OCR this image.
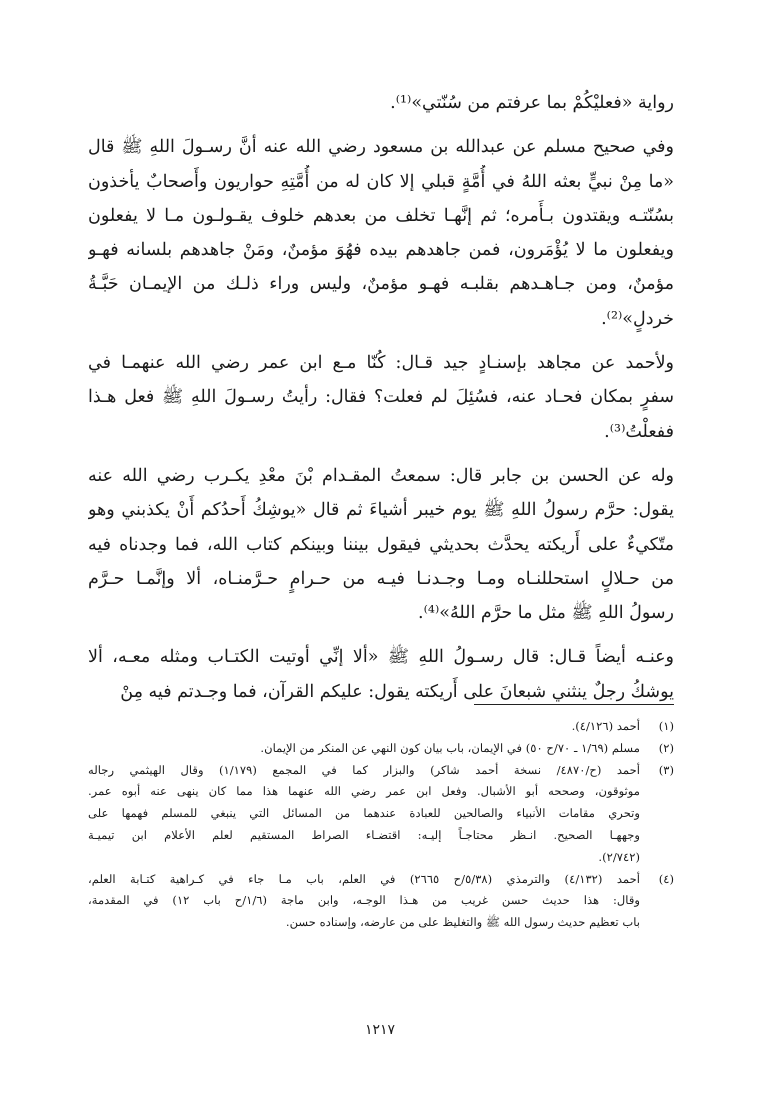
رواية «فعليْكُمْ بما عرفتم من سُنّتي»⁽¹⁾.

وفي صحيح مسلم عن عبدالله بن مسعود رضي الله عنه أنَّ رسـولَ اللهِ ﷺ قال
«ما مِنْ نبيٍّ بعثه اللهُ في أُمَّةٍ قبلي إلا كان له من أُمَّتِهِ حواريون وأَصحابٌ يأخذون
بسُنّتـه ويقتدون بـأَمره؛ ثم إنَّهـا تخلف من بعدهم خلوف يقـولـون مـا لا يفعلون
ويفعلون ما لا يُؤْمَرون، فمن جاهدهم بيده فهُوَ مؤمنٌ، ومَنْ جاهدهم بلسانه فهـو
مؤمنٌ، ومن جـاهـدهم بقلبـه فهـو مؤمنٌ، وليس وراء ذلـك من الإيمـان حَبَّـةُ
خردلٍ»⁽²⁾.

ولأحمد عن مجاهد بإسنـادٍ جيد قـال: كُنّا مـع ابن عمر رضي الله عنهمـا في
سفرٍ بمكان فحـاد عنه، فسُئِلَ لم فعلت؟ فقال: رأيتُ رسـولَ اللهِ ﷺ فعل هـذا
ففعلْتُ⁽³⁾.

وله عن الحسن بن جابر قال: سمعتُ المقـدام بْنَ معْدِ يكـرب رضي الله عنه
يقول: حرَّم رسولُ اللهِ ﷺ يوم خيبر أشياءَ ثم قال «يوشِكُ أَحدُكم أَنْ يكذبني وهو
متّكيءٌ على أَريكته يحدَّث بحديثي فيقول بيننا وبينكم كتاب الله، فما وجدناه فيه
من حـلالٍ استحللنـاه ومـا وجـدنـا فيـه من حـرامٍ حـرَّمنـاه، ألا وإنَّمـا حـرَّم
رسولُ اللهِ ﷺ مثل ما حرَّم اللهُ»⁽⁴⁾.

وعنـه أيضاً قـال: قال رسـولُ اللهِ ﷺ «ألا إنِّي أوتيت الكتـاب ومثله معـه، ألا
يوشكُ رجلٌ ينثني شبعانَ على أَريكته يقول: عليكم القرآن، فما وجـدتم فيه مِنْ

(١)
أحمد (٤/١٢٦).
(٢)
مسلم (١/٦٩ ـ ٧٠/ح ٥٠) في الإيمان، باب بيان كون النهي عن المنكر من الإيمان.
(٣)
أحمد (ح/٤٨٧٠/ نسخة أحمد شاكر) والبزار كما في المجمع (١/١٧٩) وقال الهيثمي رجاله
موثوقون، وصححه أبو الأشبال. وفعل ابن عمر رضي الله عنهما هذا مما كان ينهى عنه أبوه عمر.
وتحري مقامات الأنبياء والصالحين للعبادة عندهما من المسائل التي ينبغي للمسلم فهمها على
وجههـا الصحيح. انـظر محتاجـاً إليـه: اقتضـاء الصراط المستقيم لعلم الأعلام ابن تيميـة
(٢/٧٤٢).
(٤)
أحمد (٤/١٣٢) والترمذي (٥/٣٨/ح ٢٦٦٥) في العلم، باب مـا جاء في كـراهية كتـابة العلم،
وقال: هذا حديث حسن غريب من هـذا الوجـه، وابن ماجة (١/٦/ح باب ١٢) في المقدمة،
باب تعظيم حديث رسول الله ﷺ والتغليظ على من عارضه، وإسناده حسن.
١٢١٧
